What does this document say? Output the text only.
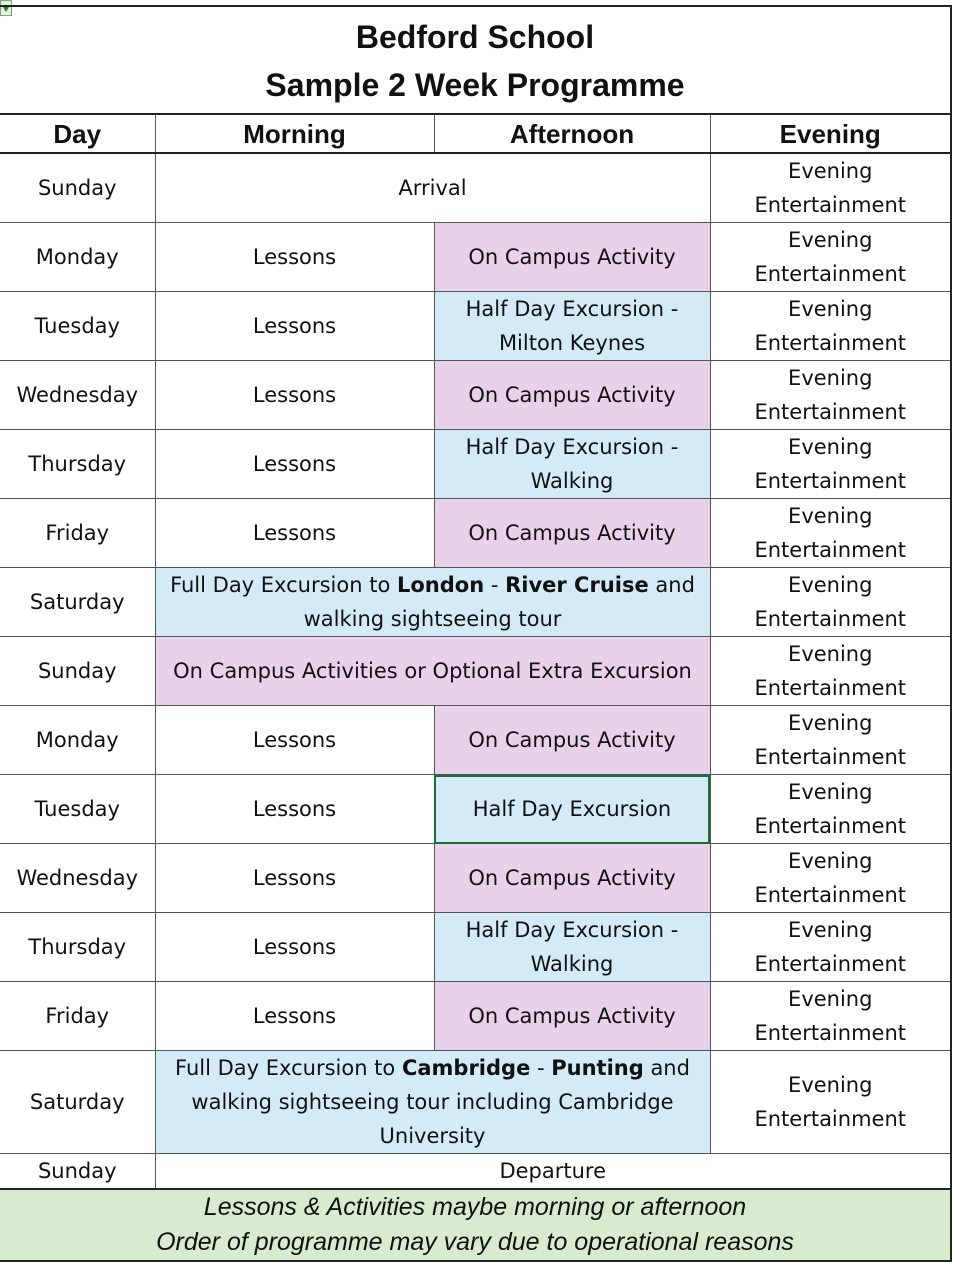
Bedford School
Sample 2 Week Programme
Day	Morning	Afternoon	Evening
Sunday	Arrival		Evening Entertainment
Monday	Lessons	On Campus Activity	Evening Entertainment
Tuesday	Lessons	Half Day Excursion - Milton Keynes	Evening Entertainment
Wednesday	Lessons	On Campus Activity	Evening Entertainment
Thursday	Lessons	Half Day Excursion - Walking	Evening Entertainment
Friday	Lessons	On Campus Activity	Evening Entertainment
Saturday	Full Day Excursion to London - River Cruise and walking sightseeing tour		Evening Entertainment
Sunday	On Campus Activities or Optional Extra Excursion		Evening Entertainment
Monday	Lessons	On Campus Activity	Evening Entertainment
Tuesday	Lessons	Half Day Excursion	Evening Entertainment
Wednesday	Lessons	On Campus Activity	Evening Entertainment
Thursday	Lessons	Half Day Excursion - Walking	Evening Entertainment
Friday	Lessons	On Campus Activity	Evening Entertainment
Saturday	Full Day Excursion to Cambridge - Punting and walking sightseeing tour including Cambridge University		Evening Entertainment
Sunday	Departure		

Lessons & Activities maybe morning or afternoon
Order of programme may vary due to operational reasons			
